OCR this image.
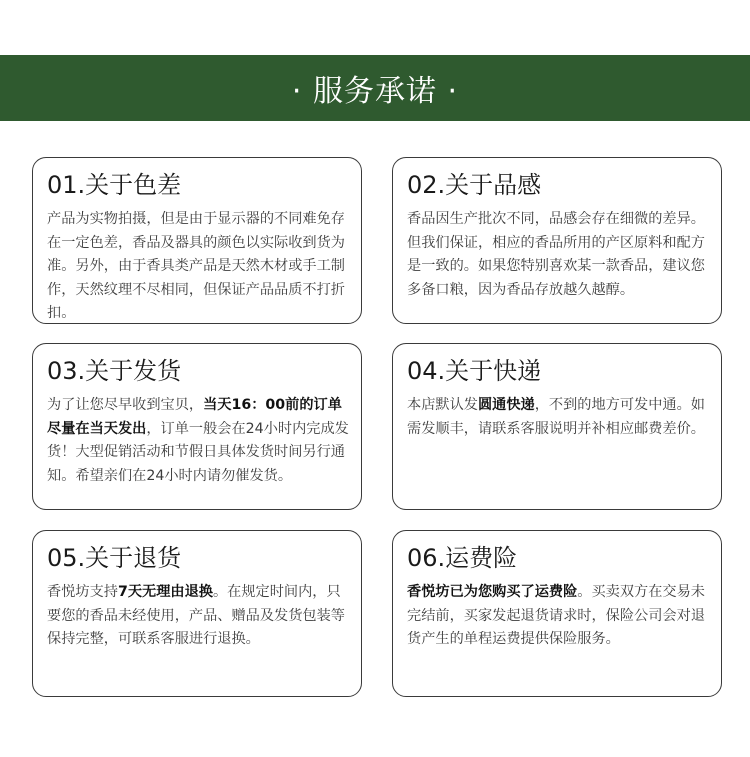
· 服务承诺 ·
01.关于色差
产品为实物拍摄，但是由于显示器的不同难免存在一定色差，香品及器具的颜色以实际收到货为准。另外，由于香具类产品是天然木材或手工制作，天然纹理不尽相同，但保证产品品质不打折扣。
02.关于品感
香品因生产批次不同，品感会存在细微的差异。但我们保证，相应的香品所用的产区原料和配方是一致的。如果您特别喜欢某一款香品，建议您多备口粮，因为香品存放越久越醇。
03.关于发货
为了让您尽早收到宝贝，当天16：00前的订单尽量在当天发出，订单一般会在24小时内完成发货！大型促销活动和节假日具体发货时间另行通知。希望亲们在24小时内请勿催发货。
04.关于快递
本店默认发圆通快递，不到的地方可发中通。如需发顺丰，请联系客服说明并补相应邮费差价。
05.关于退货
香悦坊支持7天无理由退换。在规定时间内，只要您的香品未经使用，产品、赠品及发货包装等保持完整，可联系客服进行退换。
06.运费险
香悦坊已为您购买了运费险。买卖双方在交易未完结前，买家发起退货请求时，保险公司会对退货产生的单程运费提供保险服务。
